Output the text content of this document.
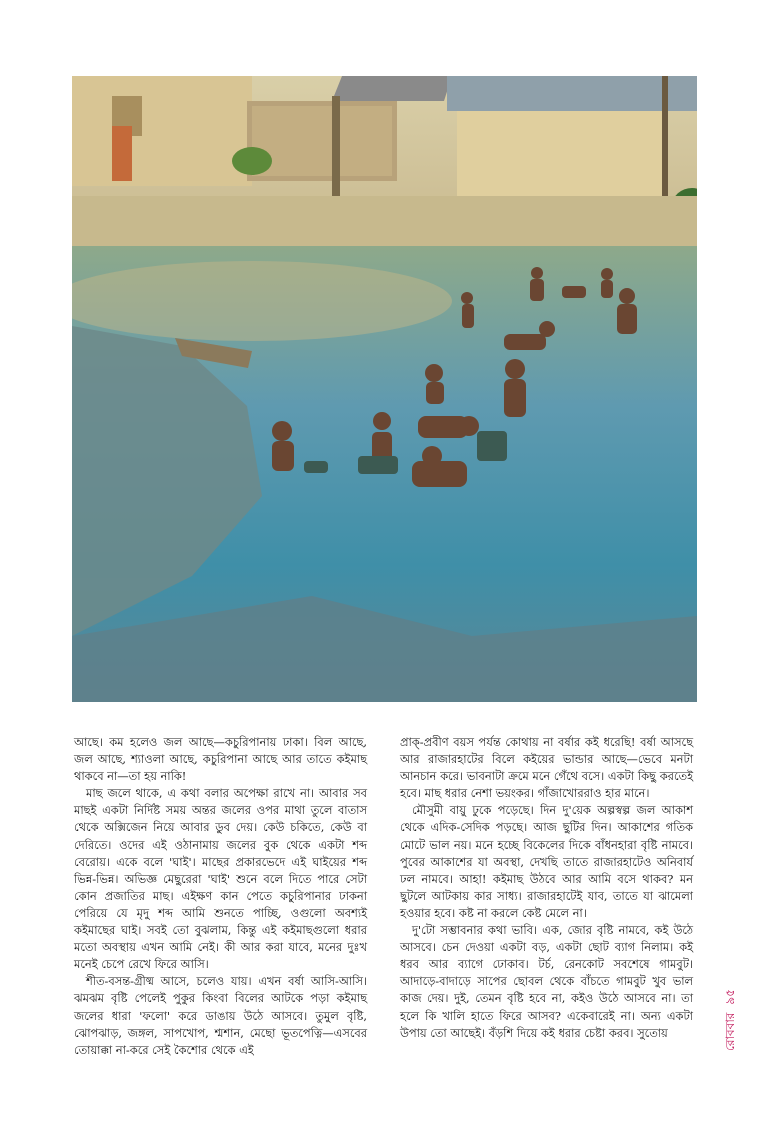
আছে। কম হলেও জল আছে—কচুরিপানায় ঢাকা। বিল আছে, জল আছে, শ্যাওলা আছে, কচুরিপানা আছে আর তাতে কইমাছ থাকবে না—তা হয় নাকি!

মাছ জলে থাকে, এ কথা বলার অপেক্ষা রাখে না। আবার সব মাছই একটা নির্দিষ্ট সময় অন্তর জলের ওপর মাথা তুলে বাতাস থেকে অক্সিজেন নিয়ে আবার ডুব দেয়। কেউ চকিতে, কেউ বা দেরিতে। ওদের এই ওঠানামায় জলের বুক থেকে একটা শব্দ বেরোয়। একে বলে 'ঘাই'। মাছের প্রকারভেদে এই ঘাইয়ের শব্দ ভিন্ন-ভিন্ন। অভিজ্ঞ মেছুরেরা 'ঘাই' শুনে বলে দিতে পারে সেটা কোন প্রজাতির মাছ। এইক্ষণ কান পেতে কচুরিপানার ঢাকনা পেরিয়ে যে মৃদু শব্দ আমি শুনতে পাচ্ছি, ওগুলো অবশ্যই কইমাছের ঘাই। সবই তো বুঝলাম, কিন্তু এই কইমাছগুলো ধরার মতো অবস্থায় এখন আমি নেই। কী আর করা যাবে, মনের দুঃখ মনেই চেপে রেখে ফিরে আসি।

শীত-বসন্ত-গ্রীষ্ম আসে, চলেও যায়। এখন বর্ষা আসি-আসি। ঝমঝম বৃষ্টি পেলেই পুকুর কিংবা বিলের আটকে পড়া কইমাছ জলের ধারা 'ফলো' করে ডাঙায় উঠে আসবে। তুমুল বৃষ্টি, ঝোপঝাড়, জঙ্গল, সাপখোপ, শ্মশান, মেছো ভূতপেত্নি—এসবের তোয়াক্কা না-করে সেই কৈশোর থেকে এই

প্রাক্-প্রবীণ বয়স পর্যন্ত কোথায় না বর্ষার কই ধরেছি! বর্ষা আসছে আর রাজারহাটের বিলে কইয়ের ভান্ডার আছে—ভেবে মনটা আনচান করে। ভাবনাটা ক্রমে মনে গেঁথে বসে। একটা কিছু করতেই হবে। মাছ ধরার নেশা ভয়ংকর। গাঁজাখোররাও হার মানে।

মৌসুমী বায়ু ঢুকে পড়েছে। দিন দু'য়েক অল্পস্বল্প জল আকাশ থেকে এদিক-সেদিক পড়ছে। আজ ছুটির দিন। আকাশের গতিক মোটে ভাল নয়। মনে হচ্ছে বিকেলের দিকে বাঁধনহারা বৃষ্টি নামবে। পুবের আকাশের যা অবস্থা, দেখছি তাতে রাজারহাটেও অনিবার্য ঢল নামবে। আহা! কইমাছ উঠবে আর আমি বসে থাকব? মন ছুটলে আটকায় কার সাধ্য। রাজারহাটেই যাব, তাতে যা ঝামেলা হওয়ার হবে। কষ্ট না করলে কেষ্ট মেলে না।

দু'টো সম্ভাবনার কথা ভাবি। এক, জোর বৃষ্টি নামবে, কই উঠে আসবে। চেন দেওয়া একটা বড়, একটা ছোট ব্যাগ নিলাম। কই ধরব আর ব্যাগে ঢোকাব। টর্চ, রেনকোট সবশেষে গামবুট। আদাড়ে-বাদাড়ে সাপের ছোবল থেকে বাঁচতে গামবুট খুব ভাল কাজ দেয়। দুই, তেমন বৃষ্টি হবে না, কইও উঠে আসবে না। তা হলে কি খালি হাতে ফিরে আসব? একেবারেই না। অন্য একটা উপায় তো আছেই। বঁড়শি দিয়ে কই ধরার চেষ্টা করব। সুতোয়	রোববার
৯৫
